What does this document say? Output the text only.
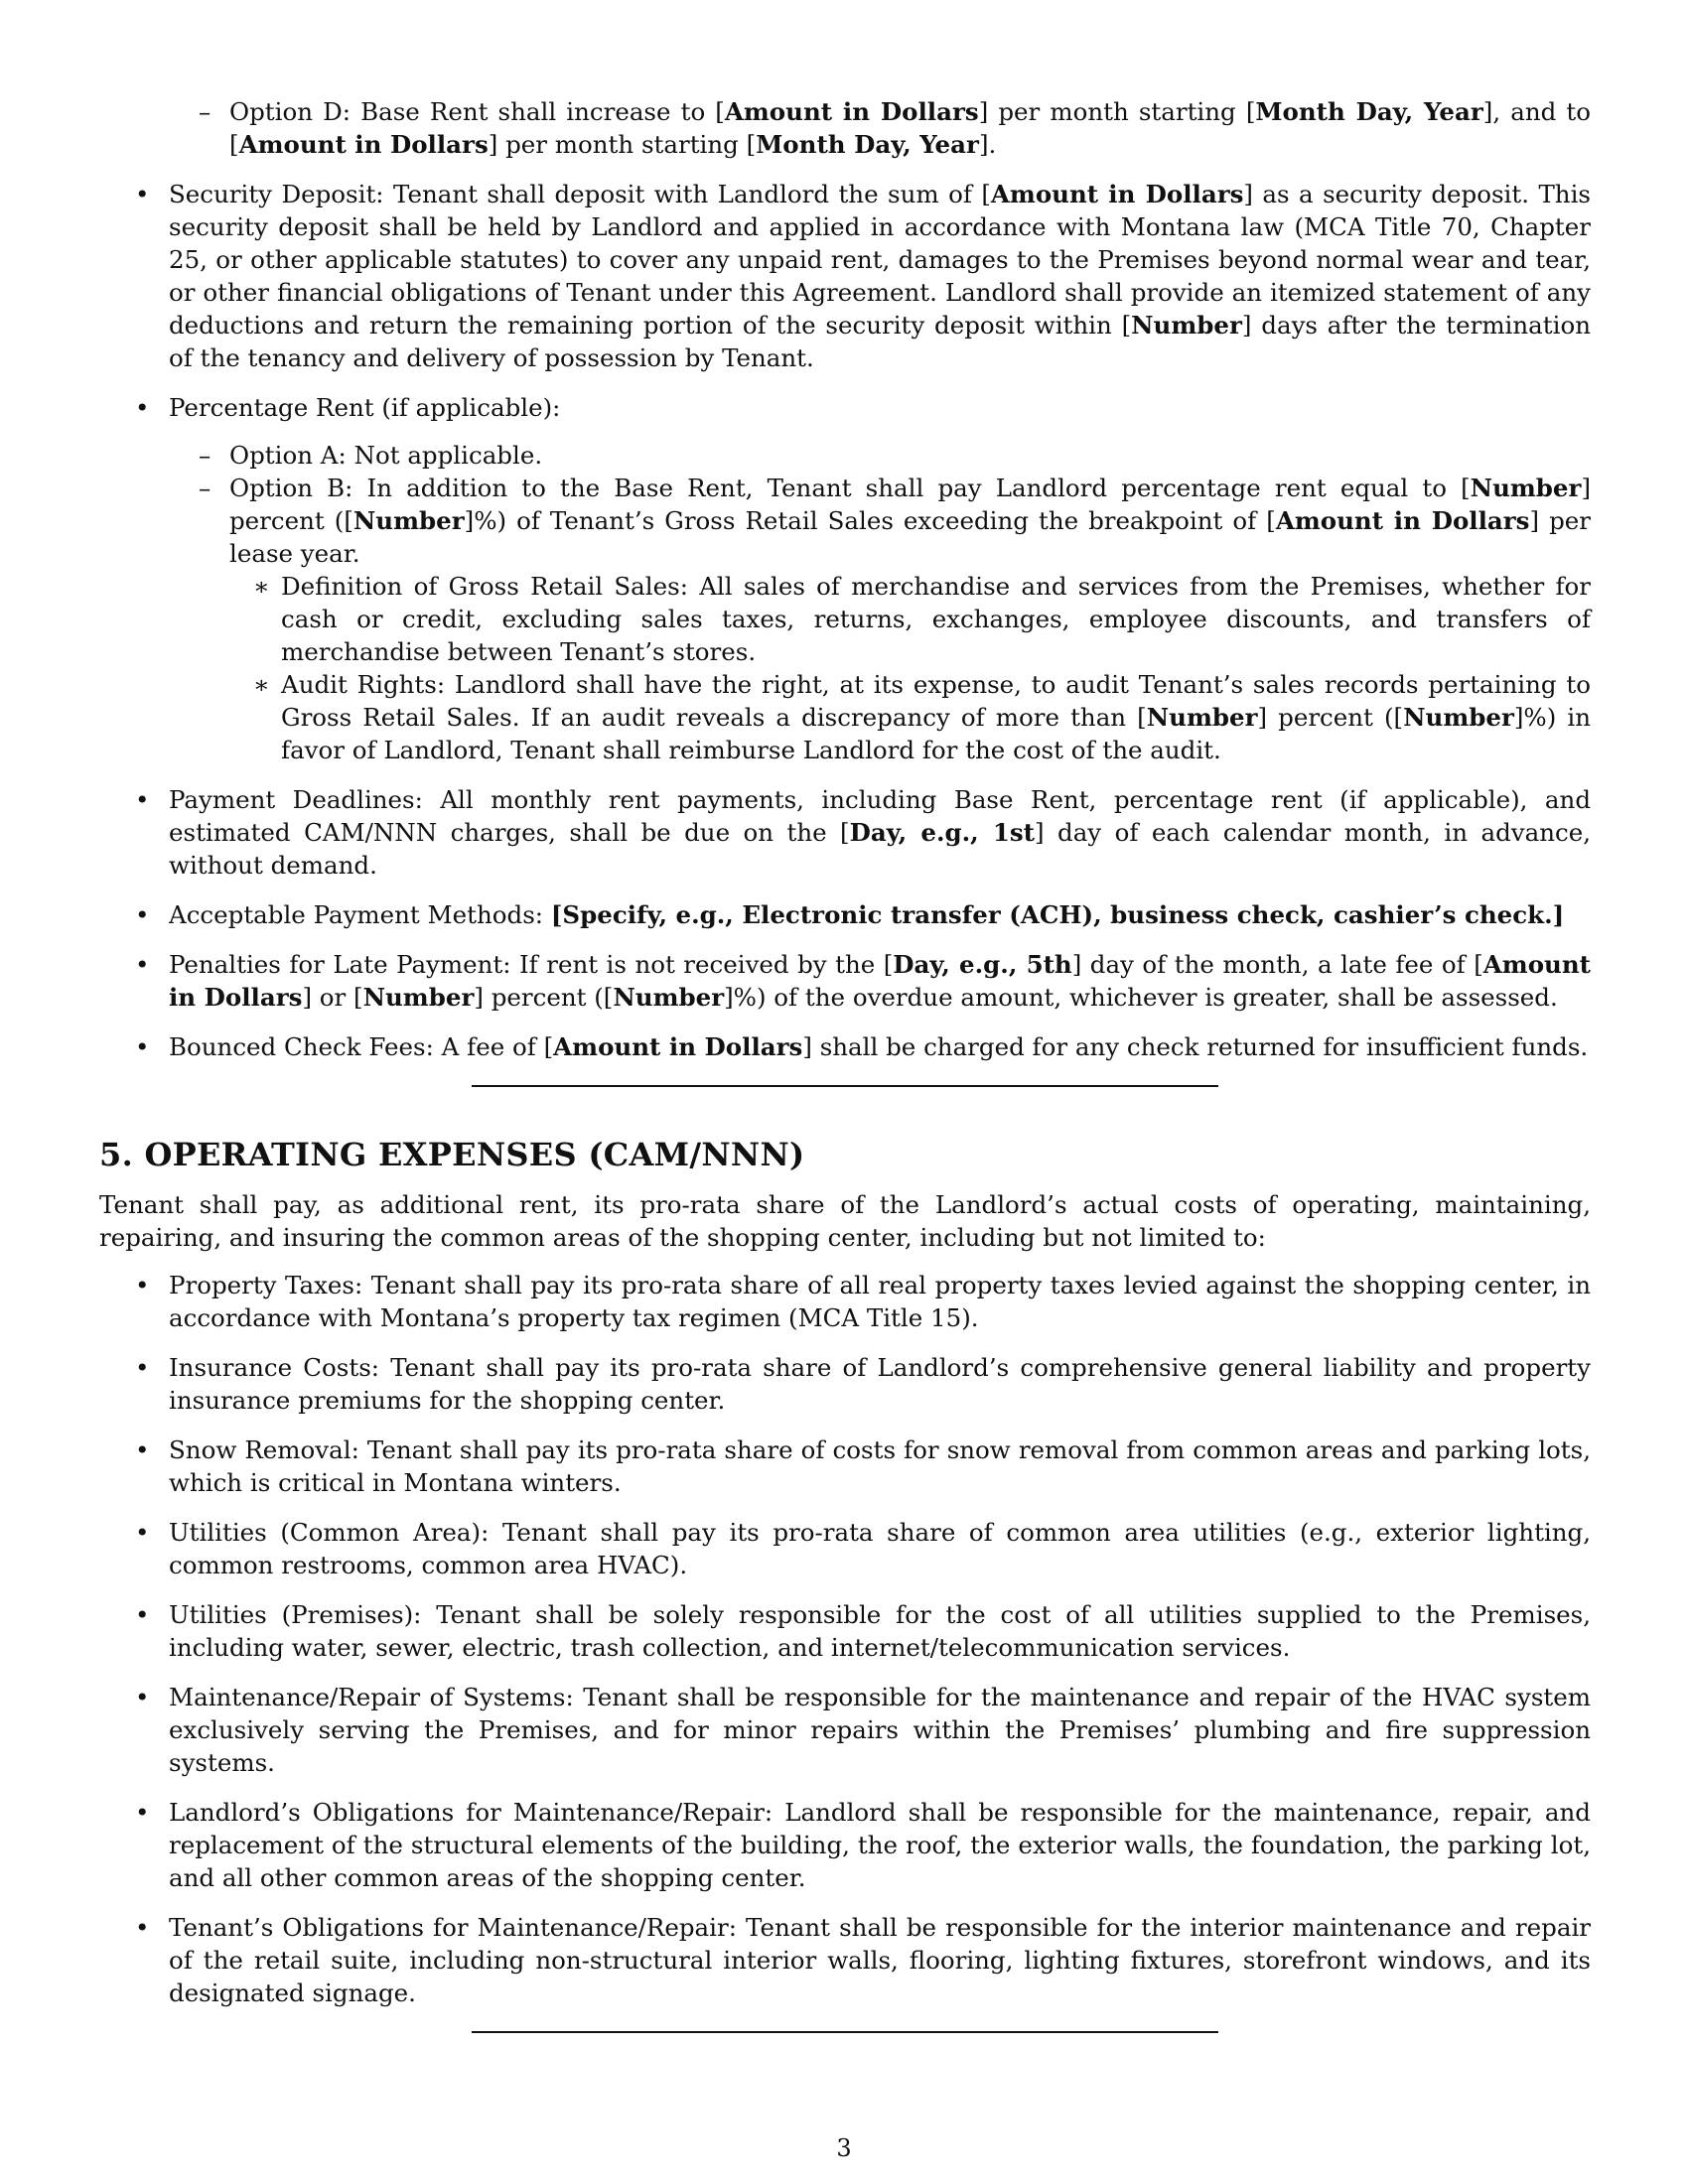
– Option D: Base Rent shall increase to [Amount in Dollars] per month starting [Month Day, Year], and to [Amount in Dollars] per month starting [Month Day, Year].
• Security Deposit: Tenant shall deposit with Landlord the sum of [Amount in Dollars] as a security deposit. This security deposit shall be held by Landlord and applied in accordance with Montana law (MCA Title 70, Chapter 25, or other applicable statutes) to cover any unpaid rent, damages to the Premises beyond normal wear and tear, or other financial obligations of Tenant under this Agreement. Landlord shall provide an itemized statement of any deductions and return the remaining portion of the security deposit within [Number] days after the termination of the tenancy and delivery of possession by Tenant.
• Percentage Rent (if applicable):
– Option A: Not applicable.
– Option B: In addition to the Base Rent, Tenant shall pay Landlord percentage rent equal to [Number] percent ([Number]%) of Tenant’s Gross Retail Sales exceeding the breakpoint of [Amount in Dollars] per lease year.
∗ Definition of Gross Retail Sales: All sales of merchandise and services from the Premises, whether for cash or credit, excluding sales taxes, returns, exchanges, employee discounts, and transfers of merchandise between Tenant’s stores.
∗ Audit Rights: Landlord shall have the right, at its expense, to audit Tenant’s sales records pertaining to Gross Retail Sales. If an audit reveals a discrepancy of more than [Number] percent ([Number]%) in favor of Landlord, Tenant shall reimburse Landlord for the cost of the audit.
• Payment Deadlines: All monthly rent payments, including Base Rent, percentage rent (if applicable), and estimated CAM/NNN charges, shall be due on the [Day, e.g., 1st] day of each calendar month, in advance, without demand.
• Acceptable Payment Methods: [Specify, e.g., Electronic transfer (ACH), business check, cashier’s check.]
• Penalties for Late Payment: If rent is not received by the [Day, e.g., 5th] day of the month, a late fee of [Amount in Dollars] or [Number] percent ([Number]%) of the overdue amount, whichever is greater, shall be assessed.
• Bounced Check Fees: A fee of [Amount in Dollars] shall be charged for any check returned for insufficient funds.
5. OPERATING EXPENSES (CAM/NNN)

Tenant shall pay, as additional rent, its pro-rata share of the Landlord’s actual costs of operating, maintaining, repairing, and insuring the common areas of the shopping center, including but not limited to:

• Property Taxes: Tenant shall pay its pro-rata share of all real property taxes levied against the shopping center, in accordance with Montana’s property tax regimen (MCA Title 15).
• Insurance Costs: Tenant shall pay its pro-rata share of Landlord’s comprehensive general liability and property insurance premiums for the shopping center.
• Snow Removal: Tenant shall pay its pro-rata share of costs for snow removal from common areas and parking lots, which is critical in Montana winters.
• Utilities (Common Area): Tenant shall pay its pro-rata share of common area utilities (e.g., exterior lighting, common restrooms, common area HVAC).
• Utilities (Premises): Tenant shall be solely responsible for the cost of all utilities supplied to the Premises, including water, sewer, electric, trash collection, and internet/telecommunication services.
• Maintenance/Repair of Systems: Tenant shall be responsible for the maintenance and repair of the HVAC system exclusively serving the Premises, and for minor repairs within the Premises’ plumbing and fire suppression systems.
• Landlord’s Obligations for Maintenance/Repair: Landlord shall be responsible for the maintenance, repair, and replacement of the structural elements of the building, the roof, the exterior walls, the foundation, the parking lot, and all other common areas of the shopping center.
• Tenant’s Obligations for Maintenance/Repair: Tenant shall be responsible for the interior maintenance and repair of the retail suite, including non-structural interior walls, flooring, lighting fixtures, storefront windows, and its designated signage.
3
